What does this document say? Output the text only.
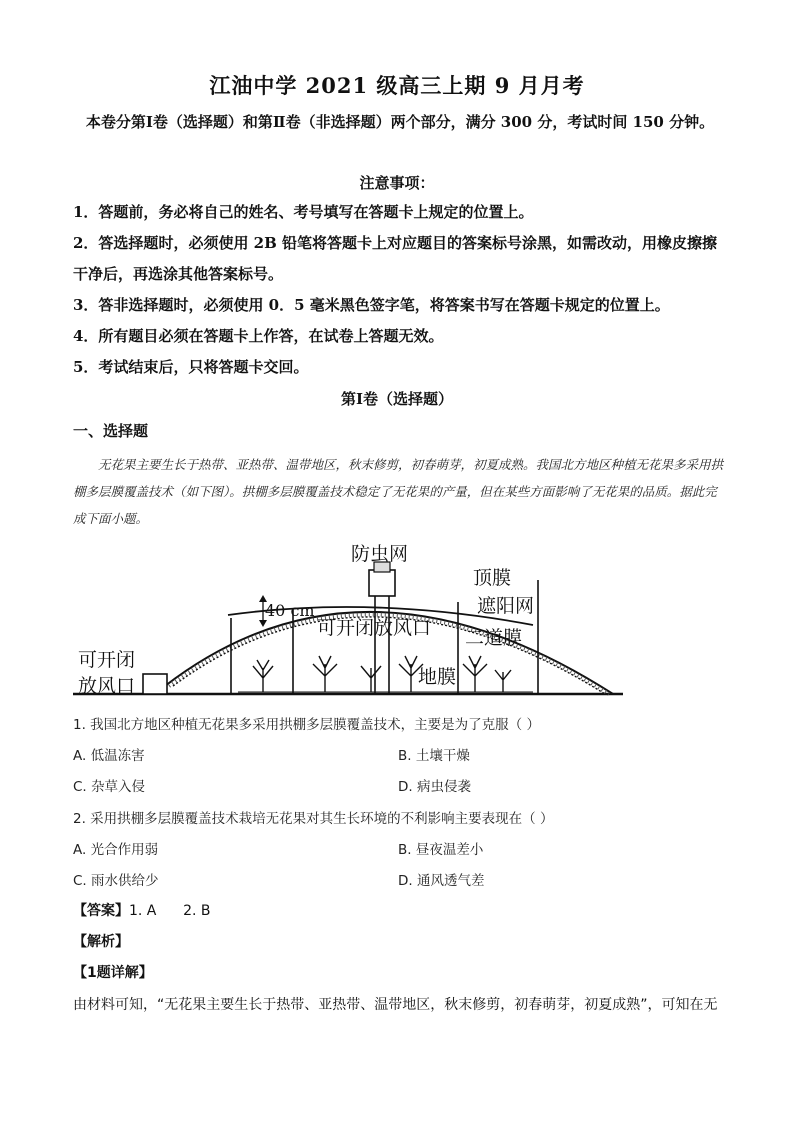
江油中学 2021 级高三上期 9 月月考
本卷分第Ⅰ卷（选择题）和第Ⅱ卷（非选择题）两个部分，满分 300 分，考试时间 150 分钟。
注意事项：
1．答题前，务必将自己的姓名、考号填写在答题卡上规定的位置上。
2．答选择题时，必须使用 2B 铅笔将答题卡上对应题目的答案标号涂黑，如需改动，用橡皮擦擦干净后，再选涂其他答案标号。
3．答非选择题时，必须使用 0．5 毫米黑色签字笔，将答案书写在答题卡规定的位置上。
4．所有题目必须在答题卡上作答，在试卷上答题无效。
5．考试结束后，只将答题卡交回。
第Ⅰ卷（选择题）
一、选择题
无花果主要生长于热带、亚热带、温带地区，秋末修剪，初春萌芽，初夏成熟。我国北方地区种植无花果多采用拱棚多层膜覆盖技术（如下图）。拱棚多层膜覆盖技术稳定了无花果的产量，但在某些方面影响了无花果的品质。据此完成下面小题。
防虫网
顶膜
遮阳网
40 cm
可开闭放风口 二道膜
可开闭
放风口	地膜
1. 我国北方地区种植无花果多采用拱棚多层膜覆盖技术，主要是为了克服（ ）
A. 低温冻害	B. 土壤干燥
C. 杂草入侵	D. 病虫侵袭
2. 采用拱棚多层膜覆盖技术栽培无花果对其生长环境的不利影响主要表现在（ ）
A. 光合作用弱	B. 昼夜温差小
C. 雨水供给少	D. 通风透气差
【答案】1. A      2. B
【解析】
【1题详解】
由材料可知，“无花果主要生长于热带、亚热带、温带地区，秋末修剪，初春萌芽，初夏成熟”，可知在无
